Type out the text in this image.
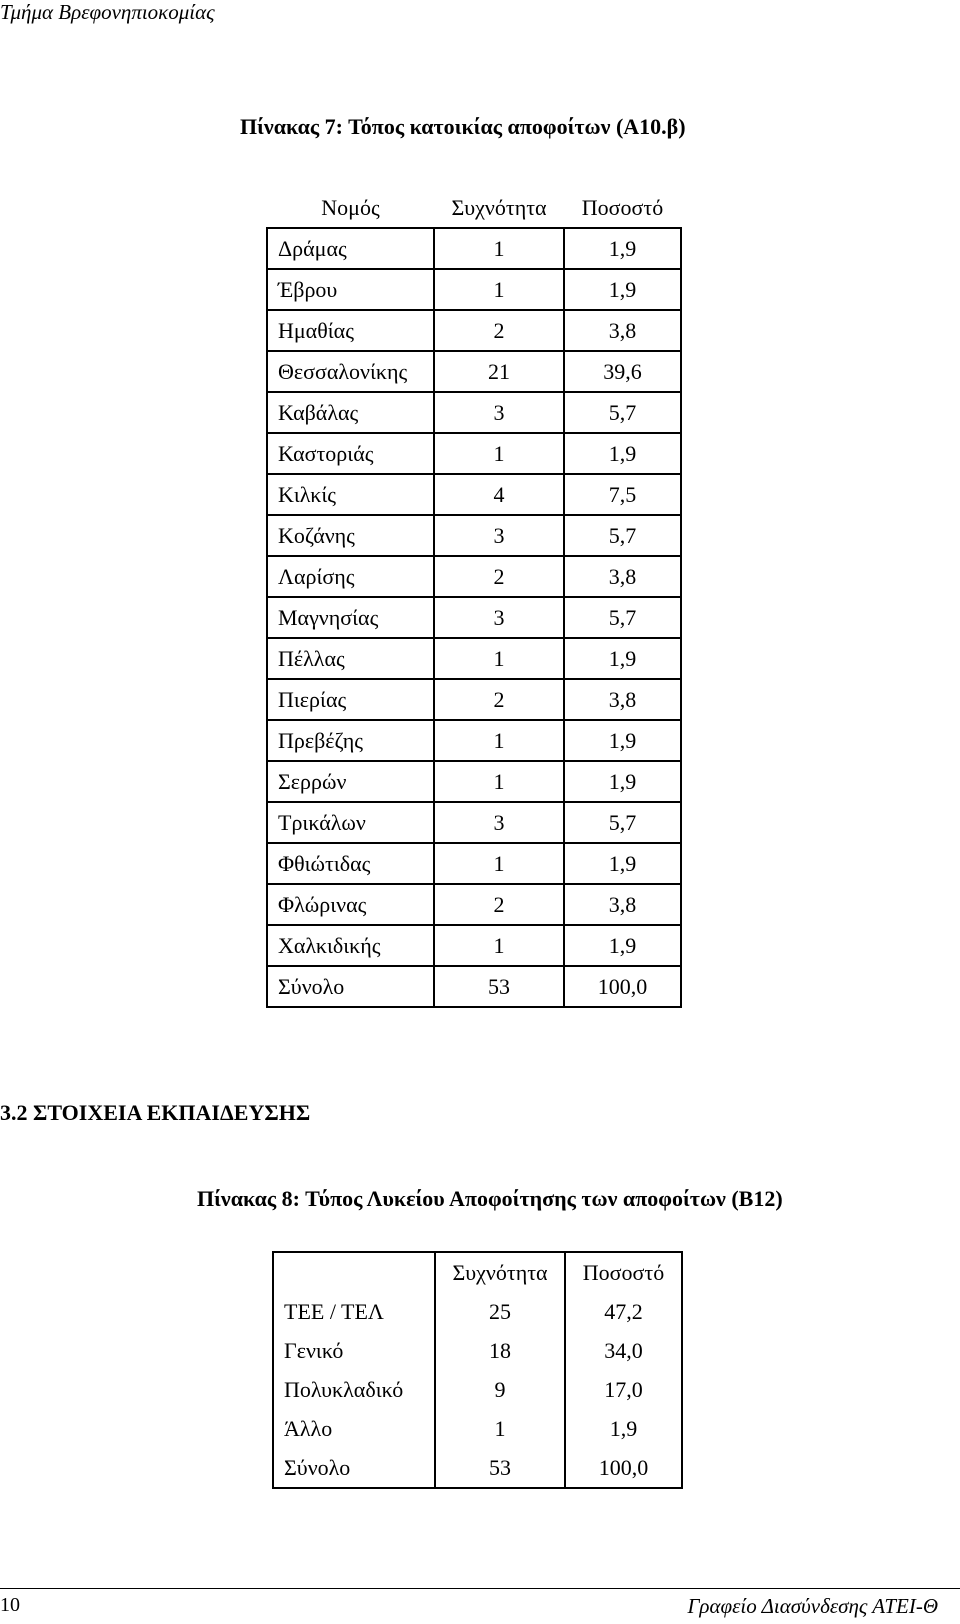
Τμήμα Βρεφονηπιοκομίας
Πίνακας 7: Τόπος κατοικίας αποφοίτων (Α10.β)
Νομός	Συχνότητα	Ποσοστό
Δράμας	1	1,9
Έβρου	1	1,9
Ημαθίας	2	3,8
Θεσσαλονίκης	21	39,6
Καβάλας	3	5,7
Καστοριάς	1	1,9
Κιλκίς	4	7,5
Κοζάνης	3	5,7
Λαρίσης	2	3,8
Μαγνησίας	3	5,7
Πέλλας	1	1,9
Πιερίας	2	3,8
Πρεβέζης	1	1,9
Σερρών	1	1,9
Τρικάλων	3	5,7
Φθιώτιδας	1	1,9
Φλώρινας	2	3,8
Χαλκιδικής	1	1,9
Σύνολο	53	100,0
3.2 ΣΤΟΙΧΕΙΑ ΕΚΠΑΙΔΕΥΣΗΣ
Πίνακας 8: Τύπος Λυκείου Αποφοίτησης των αποφοίτων (Β12)
	Συχνότητα	Ποσοστό
ΤΕΕ / ΤΕΛ	25	47,2
Γενικό	18	34,0
Πολυκλαδικό	9	17,0
Άλλο	1	1,9
Σύνολο	53	100,0
10	Γραφείο Διασύνδεσης ΑΤΕΙ-Θ
